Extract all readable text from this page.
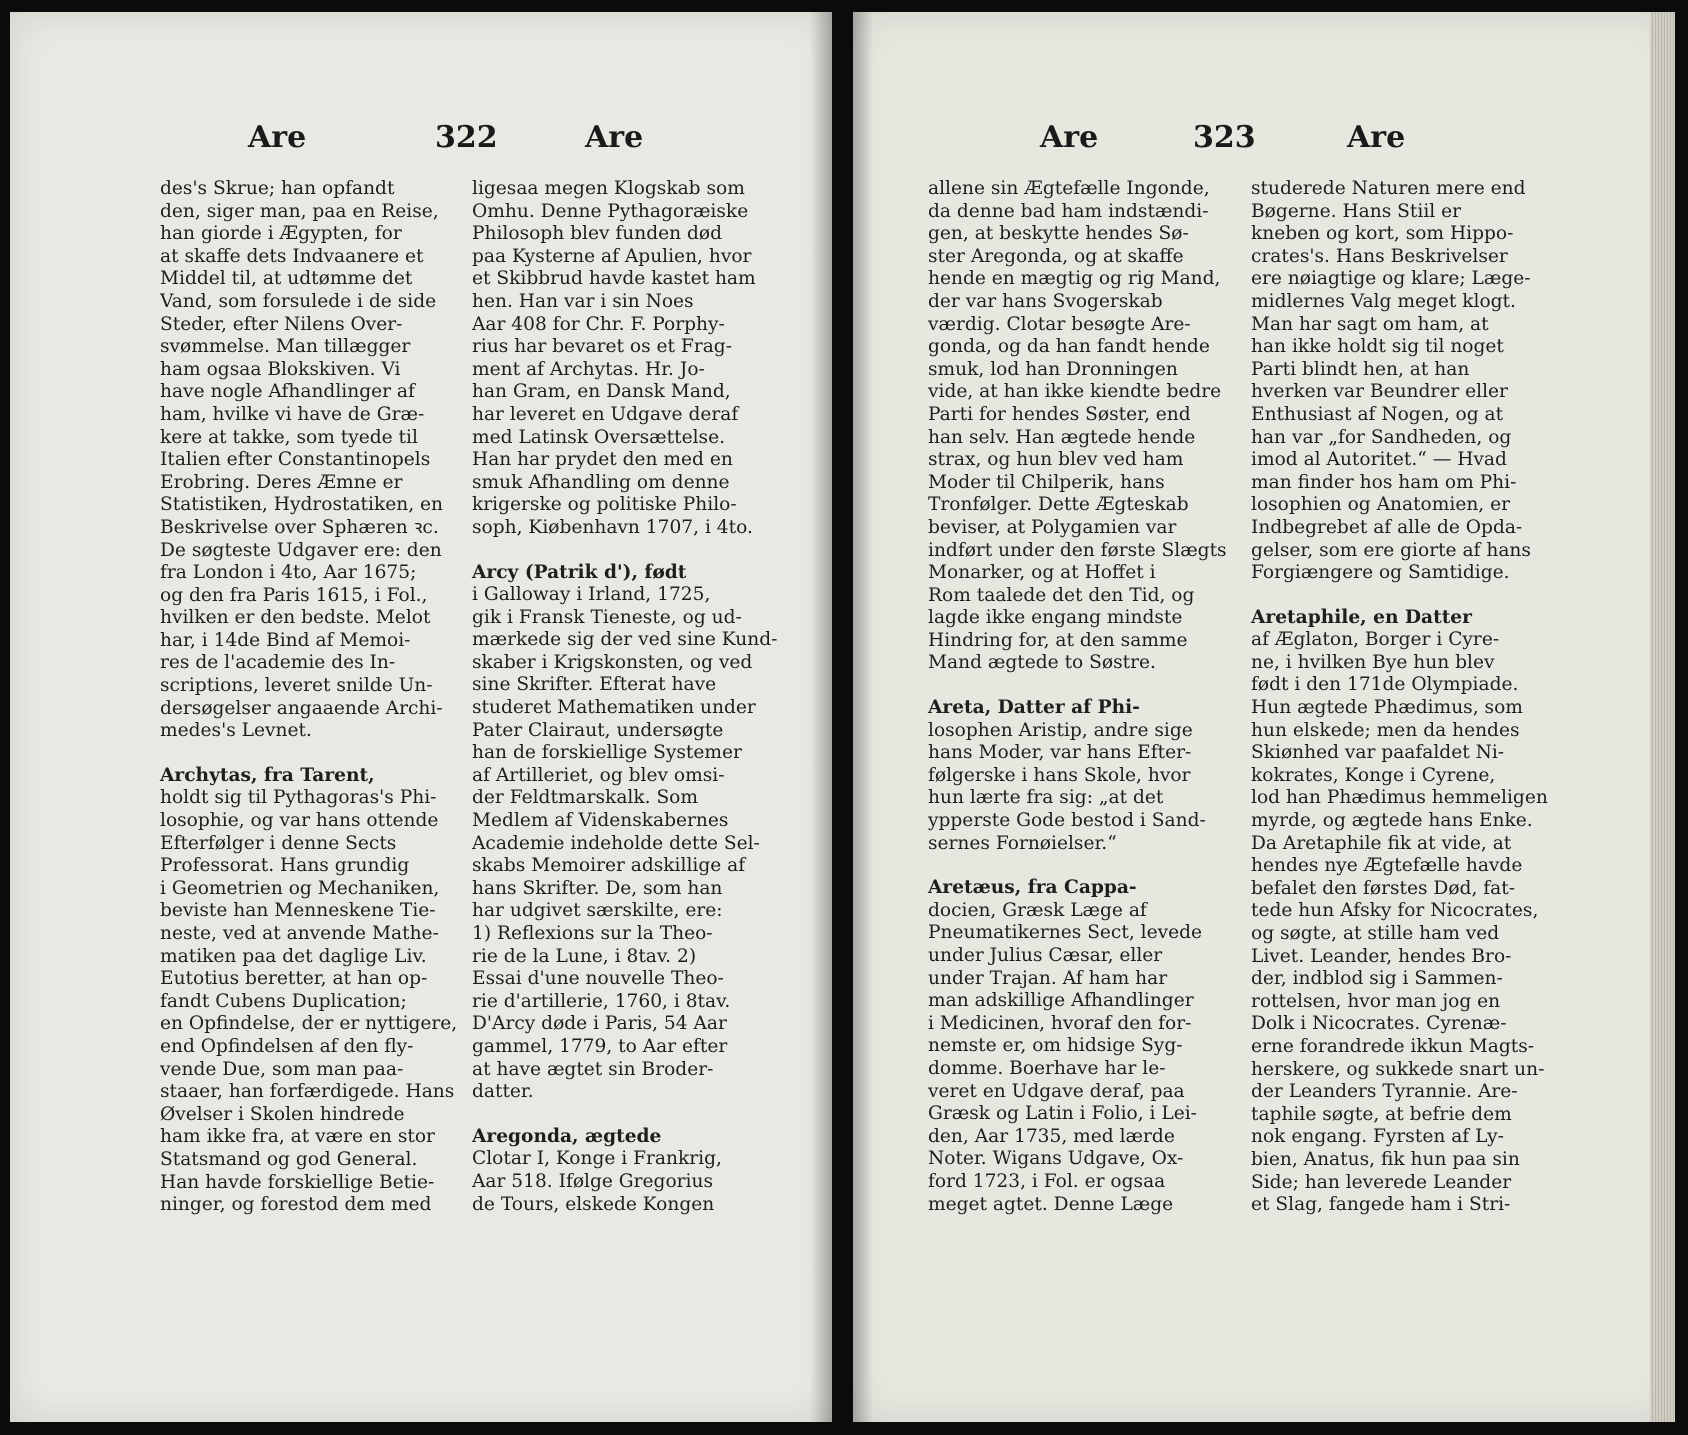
Are	322	Are
des's Skrue; han opfandt
den, siger man, paa en Reise,
han giorde i Ægypten, for
at skaffe dets Indvaanere et
Middel til, at udtømme det
Vand, som forsulede i de side
Steder, efter Nilens Over-
svømmelse. Man tillægger
ham ogsaa Blokskiven. Vi
have nogle Afhandlinger af
ham, hvilke vi have de Græ-
kere at takke, som tyede til
Italien efter Constantinopels
Erobring. Deres Æmne er
Statistiken, Hydrostatiken, en
Beskrivelse over Sphæren ꝛc.
De søgteste Udgaver ere: den
fra London i 4to, Aar 1675;
og den fra Paris 1615, i Fol.,
hvilken er den bedste. Melot
har, i 14de Bind af Memoi-
res de l'academie des In-
scriptions, leveret snilde Un-
dersøgelser angaaende Archi-
medes's Levnet.
Archytas, fra Tarent,
holdt sig til Pythagoras's Phi-
losophie, og var hans ottende
Efterfølger i denne Sects
Professorat. Hans grundig
i Geometrien og Mechaniken,
beviste han Menneskene Tie-
neste, ved at anvende Mathe-
matiken paa det daglige Liv.
Eutotius beretter, at han op-
fandt Cubens Duplication;
en Opfindelse, der er nyttigere,
end Opfindelsen af den fly-
vende Due, som man paa-
staaer, han forfærdigede. Hans
Øvelser i Skolen hindrede
ham ikke fra, at være en stor
Statsmand og god General.
Han havde forskiellige Betie-
ninger, og forestod dem med
ligesaa megen Klogskab som
Omhu. Denne Pythagoræiske
Philosoph blev funden død
paa Kysterne af Apulien, hvor
et Skibbrud havde kastet ham
hen. Han var i sin Noes
Aar 408 for Chr. F. Porphy-
rius har bevaret os et Frag-
ment af Archytas. Hr. Jo-
han Gram, en Dansk Mand,
har leveret en Udgave deraf
med Latinsk Oversættelse.
Han har prydet den med en
smuk Afhandling om denne
krigerske og politiske Philo-
soph, Kiøbenhavn 1707, i 4to.
Arcy (Patrik d'), født
i Galloway i Irland, 1725,
gik i Fransk Tieneste, og ud-
mærkede sig der ved sine Kund-
skaber i Krigskonsten, og ved
sine Skrifter. Efterat have
studeret Mathematiken under
Pater Clairaut, undersøgte
han de forskiellige Systemer
af Artilleriet, og blev omsi-
der Feldtmarskalk. Som
Medlem af Videnskabernes
Academie indeholde dette Sel-
skabs Memoirer adskillige af
hans Skrifter. De, som han
har udgivet særskilte, ere:
1) Reflexions sur la Theo-
rie de la Lune, i 8tav. 2)
Essai d'une nouvelle Theo-
rie d'artillerie, 1760, i 8tav.
D'Arcy døde i Paris, 54 Aar
gammel, 1779, to Aar efter
at have ægtet sin Broder-
datter.
Aregonda, ægtede
Clotar I, Konge i Frankrig,
Aar 518. Ifølge Gregorius
de Tours, elskede Kongen
Are	323	Are
allene sin Ægtefælle Ingonde,
da denne bad ham indstændi-
gen, at beskytte hendes Sø-
ster Aregonda, og at skaffe
hende en mægtig og rig Mand,
der var hans Svogerskab
værdig. Clotar besøgte Are-
gonda, og da han fandt hende
smuk, lod han Dronningen
vide, at han ikke kiendte bedre
Parti for hendes Søster, end
han selv. Han ægtede hende
strax, og hun blev ved ham
Moder til Chilperik, hans
Tronfølger. Dette Ægteskab
beviser, at Polygamien var
indført under den første Slægts
Monarker, og at Hoffet i
Rom taalede det den Tid, og
lagde ikke engang mindste
Hindring for, at den samme
Mand ægtede to Søstre.
Areta, Datter af Phi-
losophen Aristip, andre sige
hans Moder, var hans Efter-
følgerske i hans Skole, hvor
hun lærte fra sig: „at det
ypperste Gode bestod i Sand-
sernes Fornøielser.“
Aretæus, fra Cappa-
docien, Græsk Læge af
Pneumatikernes Sect, levede
under Julius Cæsar, eller
under Trajan. Af ham har
man adskillige Afhandlinger
i Medicinen, hvoraf den for-
nemste er, om hidsige Syg-
domme. Boerhave har le-
veret en Udgave deraf, paa
Græsk og Latin i Folio, i Lei-
den, Aar 1735, med lærde
Noter. Wigans Udgave, Ox-
ford 1723, i Fol. er ogsaa
meget agtet. Denne Læge
studerede Naturen mere end
Bøgerne. Hans Stiil er
kneben og kort, som Hippo-
crates's. Hans Beskrivelser
ere nøiagtige og klare; Læge-
midlernes Valg meget klogt.
Man har sagt om ham, at
han ikke holdt sig til noget
Parti blindt hen, at han
hverken var Beundrer eller
Enthusiast af Nogen, og at
han var „for Sandheden, og
imod al Autoritet.“ — Hvad
man finder hos ham om Phi-
losophien og Anatomien, er
Indbegrebet af alle de Opda-
gelser, som ere giorte af hans
Forgiængere og Samtidige.
Aretaphile, en Datter
af Æglaton, Borger i Cyre-
ne, i hvilken Bye hun blev
født i den 171de Olympiade.
Hun ægtede Phædimus, som
hun elskede; men da hendes
Skiønhed var paafaldet Ni-
kokrates, Konge i Cyrene,
lod han Phædimus hemmeligen
myrde, og ægtede hans Enke.
Da Aretaphile fik at vide, at
hendes nye Ægtefælle havde
befalet den førstes Død, fat-
tede hun Afsky for Nicocrates,
og søgte, at stille ham ved
Livet. Leander, hendes Bro-
der, indblod sig i Sammen-
rottelsen, hvor man jog en
Dolk i Nicocrates. Cyrenæ-
erne forandrede ikkun Magts-
herskere, og sukkede snart un-
der Leanders Tyrannie. Are-
taphile søgte, at befrie dem
nok engang. Fyrsten af Ly-
bien, Anatus, fik hun paa sin
Side; han leverede Leander
et Slag, fangede ham i Stri-
